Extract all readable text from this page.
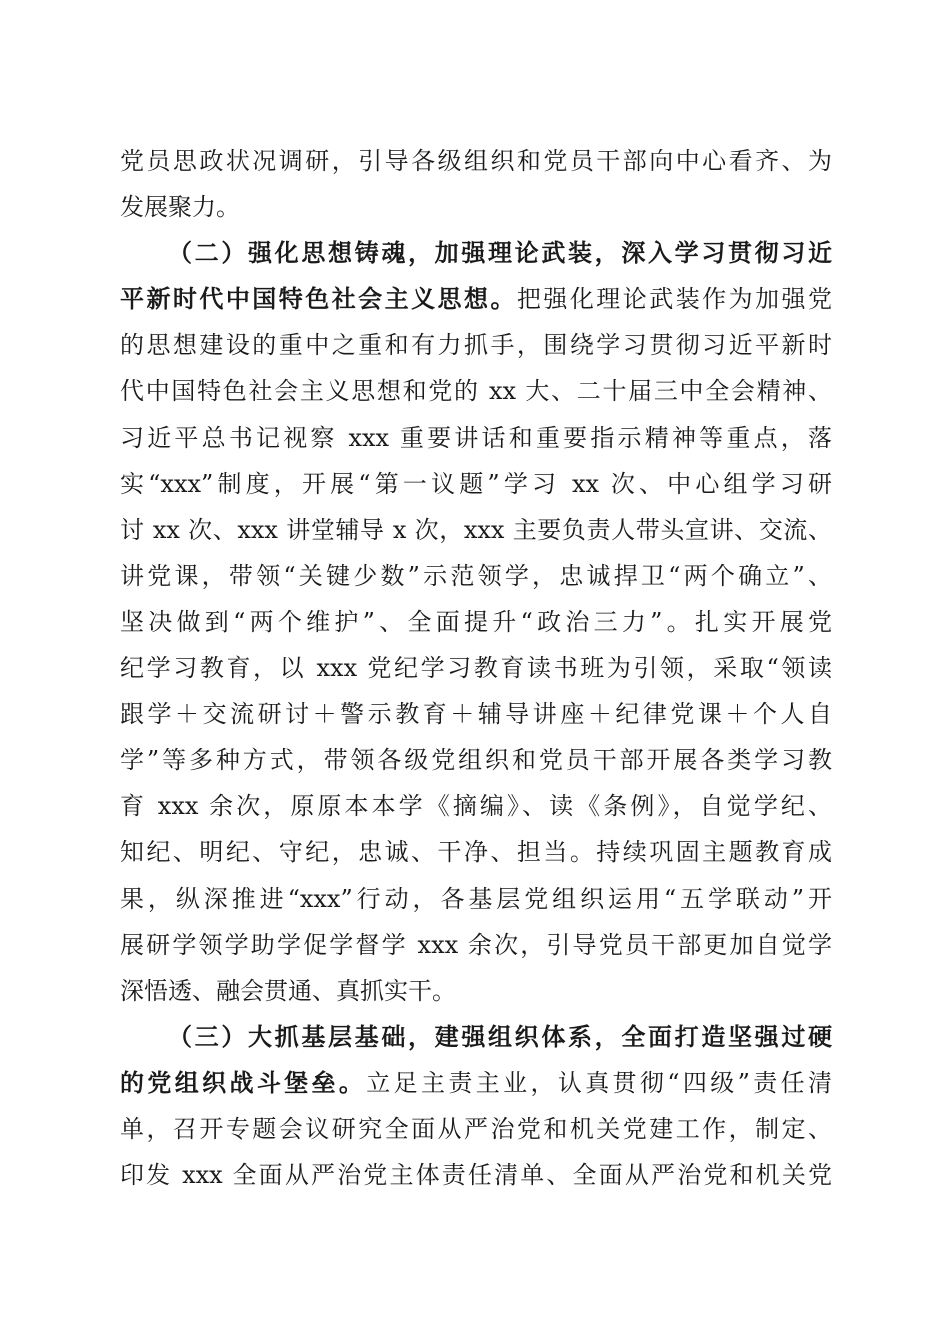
党员思政状况调研，引导各级组织和党员干部向中心看齐、为
发展聚力。
（二）强化思想铸魂，加强理论武装，深入学习贯彻习近
平新时代中国特色社会主义思想。把强化理论武装作为加强党
的思想建设的重中之重和有力抓手，围绕学习贯彻习近平新时
代中国特色社会主义思想和党的 xx 大、二十届三中全会精神、
习近平总书记视察 xxx 重要讲话和重要指示精神等重点，落
实“xxx”制度，开展“第一议题”学习 xx 次、中心组学习研
讨 xx 次、xxx 讲堂辅导 x 次，xxx 主要负责人带头宣讲、交流、
讲党课，带领“关键少数”示范领学，忠诚捍卫“两个确立”、
坚决做到“两个维护”、全面提升“政治三力”。扎实开展党
纪学习教育，以 xxx 党纪学习教育读书班为引领，采取“领读
跟学＋交流研讨＋警示教育＋辅导讲座＋纪律党课＋个人自
学”等多种方式，带领各级党组织和党员干部开展各类学习教
育 xxx 余次，原原本本学《摘编》、读《条例》，自觉学纪、
知纪、明纪、守纪，忠诚、干净、担当。持续巩固主题教育成
果，纵深推进“xxx”行动，各基层党组织运用“五学联动”开
展研学领学助学促学督学 xxx 余次，引导党员干部更加自觉学
深悟透、融会贯通、真抓实干。
（三）大抓基层基础，建强组织体系，全面打造坚强过硬
的党组织战斗堡垒。立足主责主业，认真贯彻“四级”责任清
单，召开专题会议研究全面从严治党和机关党建工作，制定、
印发 xxx 全面从严治党主体责任清单、全面从严治党和机关党
